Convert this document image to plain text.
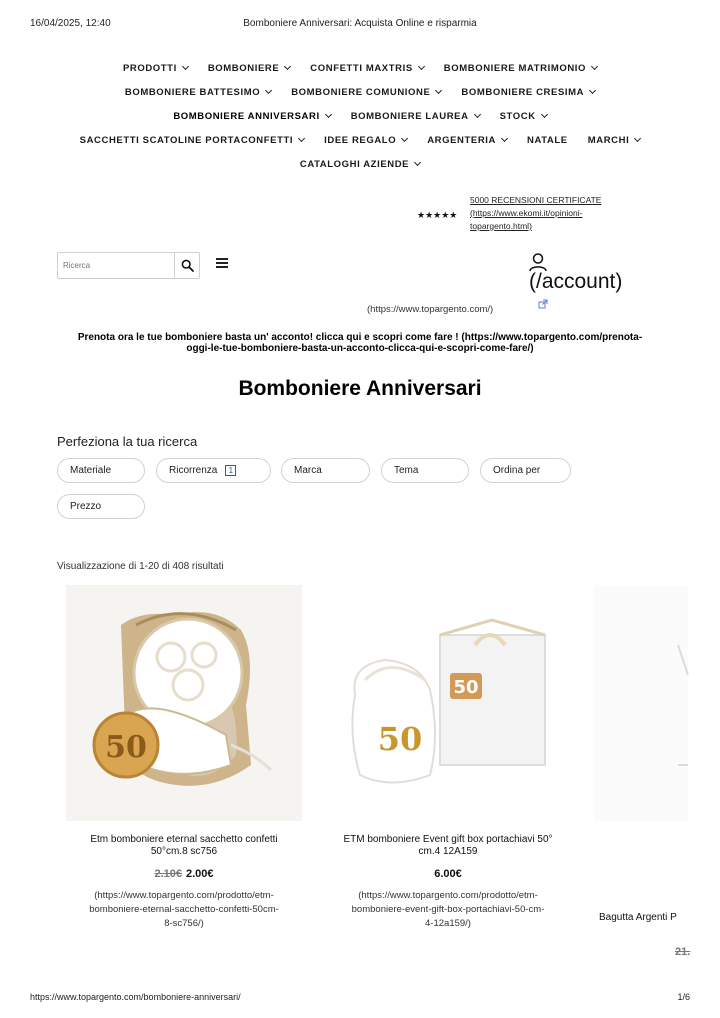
16/04/2025, 12:40	Bomboniere Anniversari: Acquista Online e risparmia
PRODOTTI	BOMBONIERE	CONFETTI MAXTRIS	BOMBONIERE MATRIMONIO
BOMBONIERE BATTESIMO	BOMBONIERE COMUNIONE	BOMBONIERE CRESIMA
BOMBONIERE ANNIVERSARI	BOMBONIERE LAUREA	STOCK
SACCHETTI SCATOLINE PORTACONFETTI	IDEE REGALO	ARGENTERIA	NATALE MARCHI
CATALOGHI AZIENDE
★★★★★
5000 RECENSIONI CERTIFICATE
(https://www.ekomi.it/opinioni-
topargento.html)
Ricerca
(/account)
(https://www.topargento.com/)
Prenota ora le tue bomboniere basta un' acconto! clicca qui e scopri come fare ! (https://www.topargento.com/prenota-
oggi-le-tue-bomboniere-basta-un-acconto-clicca-qui-e-scopri-come-fare/)
Bomboniere Anniversari
Perfeziona la tua ricerca
Materiale	Ricorrenza	1	Marca	Tema	Ordina per
Prezzo
Visualizzazione di 1-20 di 408 risultati
50
Etm bomboniere eternal sacchetto confetti
50°cm.8 sc756
2.10€ 2.00€
(https://www.topargento.com/prodotto/etm-
bomboniere-eternal-sacchetto-confetti-50cm-
8-sc756/)
50
50
ETM bomboniere Event gift box portachiavi 50°
cm.4 12A159
6.00€
(https://www.topargento.com/prodotto/etm-
bomboniere-event-gift-box-portachiavi-50-cm-
4-12a159/)
Bagutta Argenti P
21.
https://www.topargento.com/bomboniere-anniversari/	1/6
